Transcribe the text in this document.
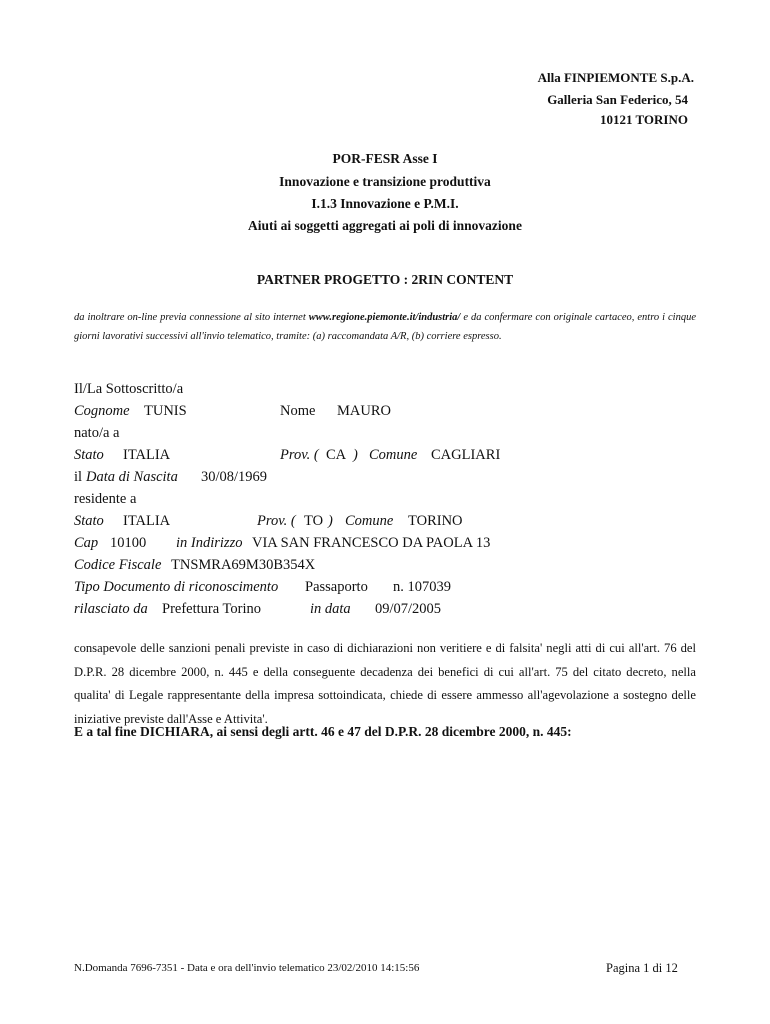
Alla FINPIEMONTE S.p.A.
Galleria San Federico, 54
10121 TORINO
POR-FESR Asse I
Innovazione e transizione produttiva
I.1.3 Innovazione e P.M.I.
Aiuti ai soggetti aggregati ai poli di innovazione
PARTNER PROGETTO : 2RIN CONTENT

da inoltrare on-line previa connessione al sito internet www.regione.piemonte.it/industria/ e da confermare con originale cartaceo, entro i cinque giorni lavorativi successivi all'invio telematico, tramite: (a) raccomandata A/R, (b) corriere espresso.

Il/La Sottoscritto/a
Cognome TUNIS	Nome MAURO
nato/a a
Stato ITALIA	Prov. ( CA ) Comune CAGLIARI
il Data di Nascita 30/08/1969
residente a
Stato ITALIA	Prov. ( TO ) Comune TORINO
Cap 10100 in Indirizzo VIA SAN FRANCESCO DA PAOLA 13
Codice Fiscale TNSMRA69M30B354X
Tipo Documento di riconoscimento Passaporto n. 107039
rilasciato da Prefettura Torino	in data 09/07/2005

consapevole delle sanzioni penali previste in caso di dichiarazioni non veritiere e di falsita' negli atti di cui all'art. 76 del D.P.R. 28 dicembre 2000, n. 445 e della conseguente decadenza dei benefici di cui all'art. 75 del citato decreto, nella qualita' di Legale rappresentante della impresa sottoindicata, chiede di essere ammesso all'agevolazione a sostegno delle iniziative previste dall'Asse e Attivita'.

E a tal fine DICHIARA, ai sensi degli artt. 46 e 47 del D.P.R. 28 dicembre 2000, n. 445:
N.Domanda 7696-7351 - Data e ora dell'invio telematico 23/02/2010 14:15:56	Pagina 1 di 12
